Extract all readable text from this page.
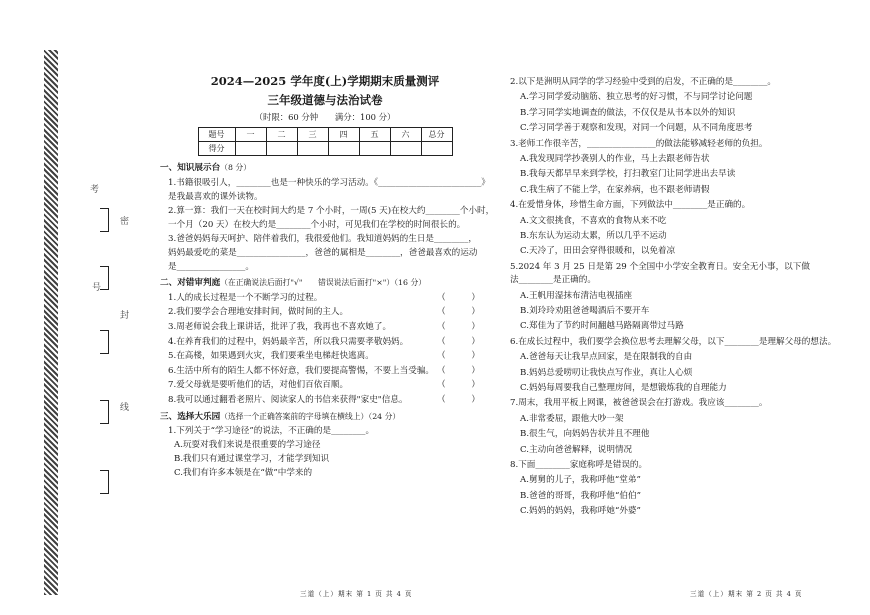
考
密
号
封
线
2024—2025 学年度(上)学期期末质量测评
三年级道德与法治试卷
（时限：60 分钟　　满分：100 分）
题号	一	二	三	四	五	六	总分
得分							
一、知识展示台（8 分）
1.书籍很吸引人，________也是一种快乐的学习活动。《________________________》
是我最喜欢的课外读物。
2.算一算：我们一天在校时间大约是 7 个小时，一周(5 天)在校大约________个小时，
一个月（20 天）在校大约是________个小时，可见我们在学校的时间很长的。
3.爸爸妈妈每天呵护、陪伴着我们，我很爱他们。我知道妈妈的生日是________，
妈妈最爱吃的菜是________________，爸爸的属相是________，爸爸最喜欢的运动
是________________。
二、对错审判庭（在正确说法后面打"√"　　错误说法后面打"×"）（16 分）
1.人的成长过程是一个不断学习的过程。	（　　　）
2.我们要学会合理地安排时间，做时间的主人。	（　　　）
3.周老师说会我上课讲话，批评了我，我再也不喜欢她了。	（　　　）
4.在养育我们的过程中，妈妈最辛苦，所以我只需要孝敬妈妈。	（　　　）
5.在高楼，如果遇到火灾，我们要乘坐电梯赶快逃离。	（　　　）
6.生活中所有的陌生人都不怀好意，我们要提高警惕，不要上当受骗。 （　　　）
7.爱父母就是要听他们的话，对他们百依百顺。	（　　　）
8.我可以通过翻看老照片、阅读家人的书信来获得"家史"信息。	（　　　）
三、选择大乐园（选择一个正确答案前的字母填在横线上）（24 分）
1.下列关于“学习途径”的说法，不正确的是________。
A.玩耍对我们来说是很重要的学习途径
B.我们只有通过课堂学习，才能学到知识
C.我们有许多本领是在“做”中学来的
2.以下是洲明从同学的学习经验中受到的启发，不正确的是________。
A.学习同学爱动脑筋、独立思考的好习惯，不与同学讨论问题
B.学习同学实地调查的做法，不仅仅是从书本以外的知识
C.学习同学善于观察和发现，对同一个问题，从不同角度思考
3.老师工作很辛苦，________________的做法能够减轻老师的负担。
A.我发现同学抄袭别人的作业，马上去跟老师告状
B.我每天都早早来到学校，打扫教室门让同学进出去早读
C.我生病了不能上学，在家养病，也不跟老师请假
4.在爱惜身体，珍惜生命方面，下列做法中________是正确的。
A.文文很挑食，不喜欢的食物从来不吃
B.东东认为运动太累，所以几乎不运动
C.天冷了，田田会穿得很暖和，以免着凉
5.2024 年 3 月 25 日是第 29 个全国中小学安全教育日。安全无小事，以下做
法________是正确的。
A.王帆用湿抹布清洁电视插座
B.刘玲玲劝阻爸爸喝酒后不要开车
C.郑佳为了节约时间翻越马路隔离带过马路
6.在成长过程中，我们要学会换位思考去理解父母，以下________是理解父母的想法。
A.爸爸每天让我早点回家，是在限制我的自由
B.妈妈总爱唠叨让我快点写作业，真让人心烦
C.妈妈每周要我自己整理房间，是想锻炼我的自理能力
7.周末，我用平板上网课，被爸爸误会在打游戏。我应该________。
A.非常委屈，跟他大吵一架
B.很生气，向妈妈告状并且不理他
C.主动向爸爸解释，说明情况
8.下面________家庭称呼是错误的。
A.舅舅的儿子，我称呼他“堂弟”
B.爸爸的哥哥，我称呼他“伯伯”
C.妈妈的妈妈，我称呼她“外婆”
三道（上）期末 第 1 页 共 4 页	三道（上）期末 第 2 页 共 4 页
